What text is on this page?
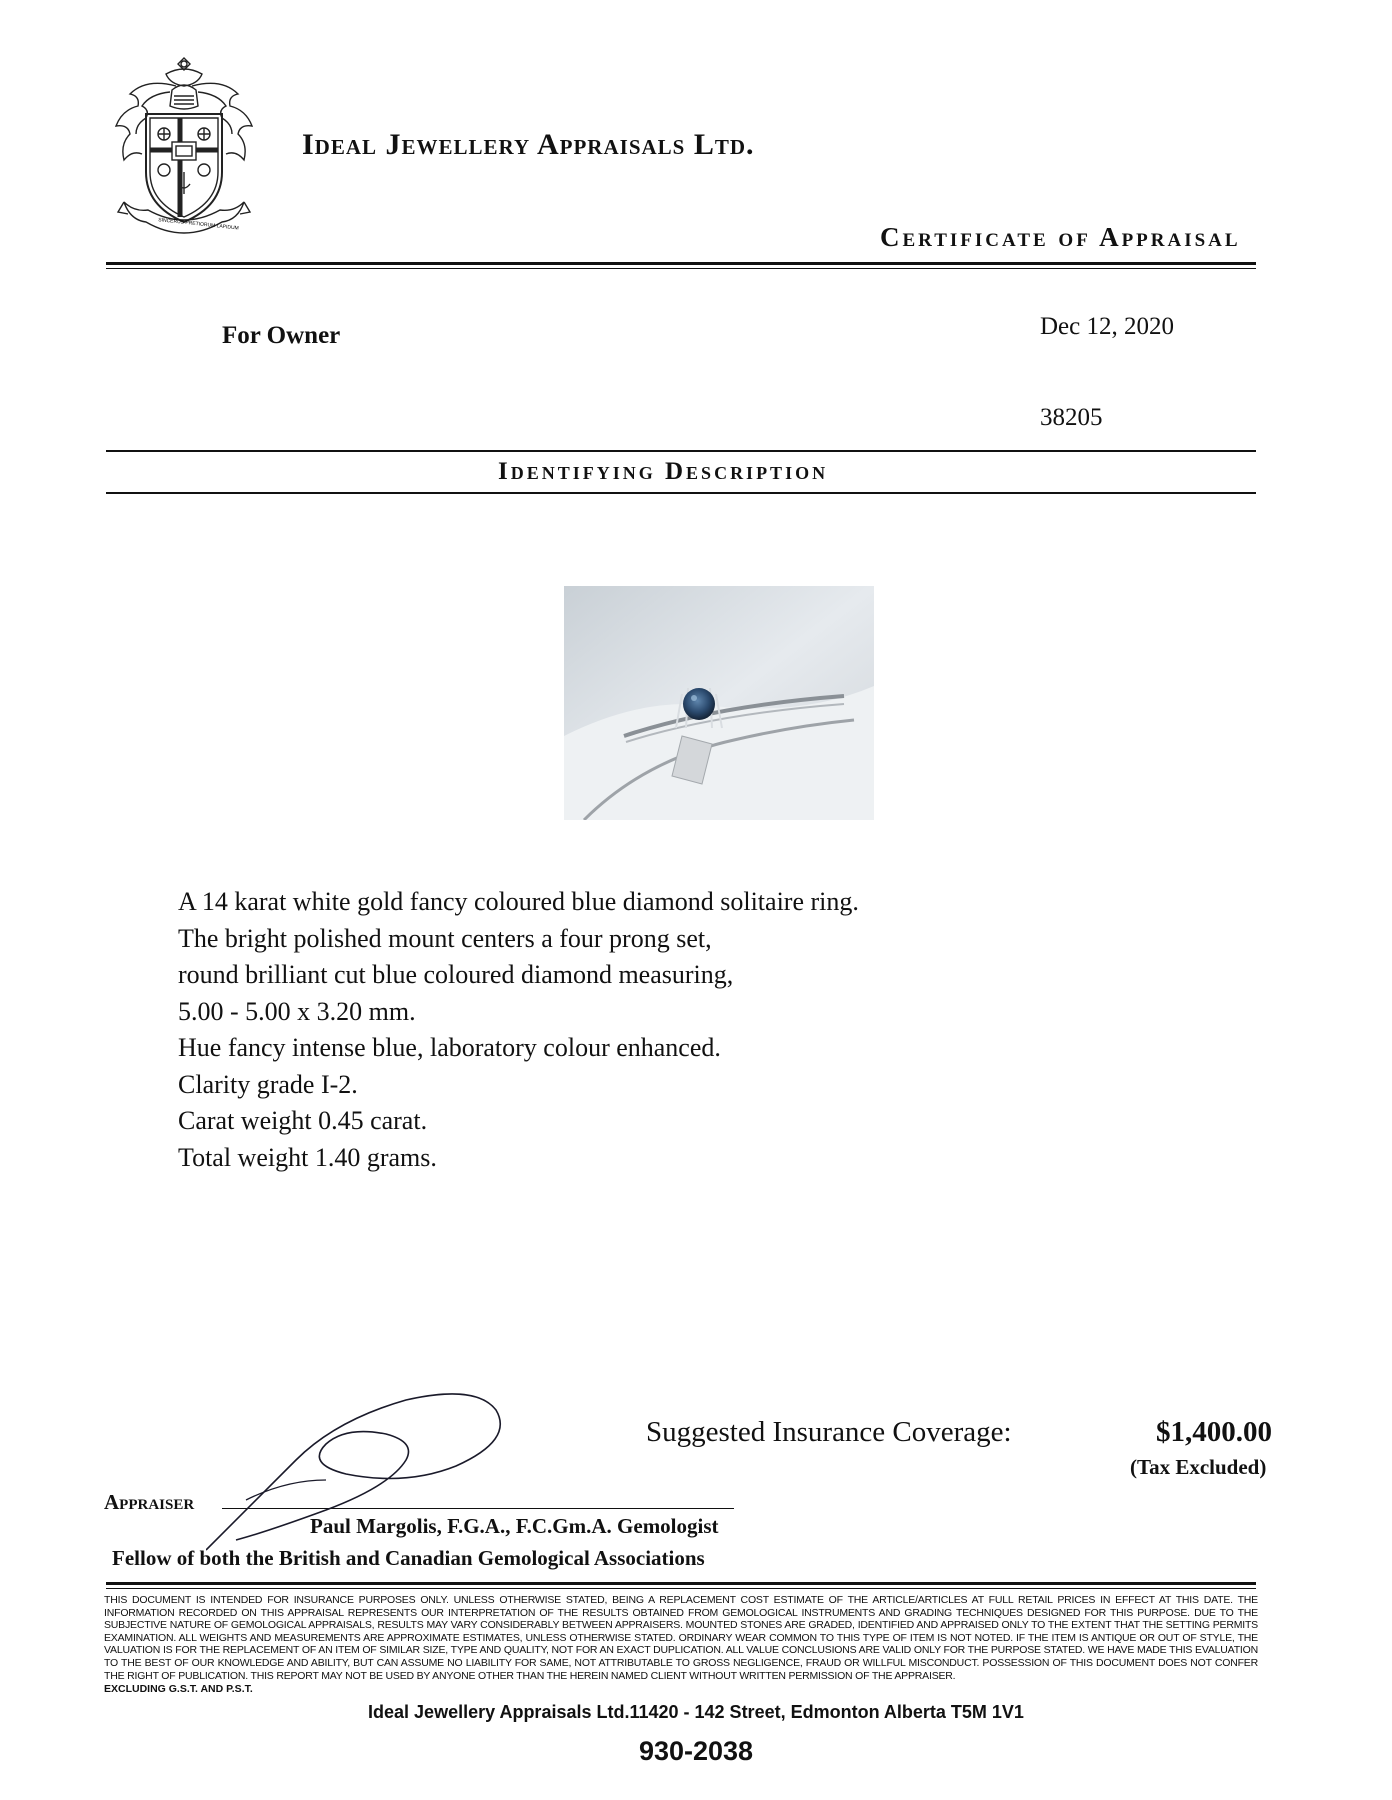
SINCERUS PRETIORUM LAPIDUM
Ideal Jewellery Appraisals Ltd.
Certificate of Appraisal
For Owner	Dec 12, 2020
38205
Identifying Description
A 14 karat white gold fancy coloured blue diamond solitaire ring.
The bright polished mount centers a four prong set,
round brilliant cut blue coloured diamond measuring,
5.00 - 5.00 x 3.20 mm.
Hue fancy intense blue, laboratory colour enhanced.
Clarity grade I-2.
Carat weight 0.45 carat.
Total weight 1.40 grams.
Suggested Insurance Coverage:	$1,400.00
(Tax Excluded)
Appraiser
Paul Margolis, F.G.A., F.C.Gm.A. Gemologist
Fellow of both the British and Canadian Gemological Associations
THIS DOCUMENT IS INTENDED FOR INSURANCE PURPOSES ONLY. UNLESS OTHERWISE STATED, BEING A REPLACEMENT COST ESTIMATE OF THE ARTICLE/ARTICLES AT FULL RETAIL PRICES IN EFFECT AT THIS DATE. THE INFORMATION RECORDED ON THIS APPRAISAL REPRESENTS OUR INTERPRETATION OF THE RESULTS OBTAINED FROM GEMOLOGICAL INSTRUMENTS AND GRADING TECHNIQUES DESIGNED FOR THIS PURPOSE. DUE TO THE SUBJECTIVE NATURE OF GEMOLOGICAL APPRAISALS, RESULTS MAY VARY CONSIDERABLY BETWEEN APPRAISERS. MOUNTED STONES ARE GRADED, IDENTIFIED AND APPRAISED ONLY TO THE EXTENT THAT THE SETTING PERMITS EXAMINATION. ALL WEIGHTS AND MEASUREMENTS ARE APPROXIMATE ESTIMATES, UNLESS OTHERWISE STATED. ORDINARY WEAR COMMON TO THIS TYPE OF ITEM IS NOT NOTED. IF THE ITEM IS ANTIQUE OR OUT OF STYLE, THE VALUATION IS FOR THE REPLACEMENT OF AN ITEM OF SIMILAR SIZE, TYPE AND QUALITY, NOT FOR AN EXACT DUPLICATION. ALL VALUE CONCLUSIONS ARE VALID ONLY FOR THE PURPOSE STATED. WE HAVE MADE THIS EVALUATION TO THE BEST OF OUR KNOWLEDGE AND ABILITY, BUT CAN ASSUME NO LIABILITY FOR SAME, NOT ATTRIBUTABLE TO GROSS NEGLIGENCE, FRAUD OR WILLFUL MISCONDUCT. POSSESSION OF THIS DOCUMENT DOES NOT CONFER THE RIGHT OF PUBLICATION. THIS REPORT MAY NOT BE USED BY ANYONE OTHER THAN THE HEREIN NAMED CLIENT WITHOUT WRITTEN PERMISSION OF THE APPRAISER.
EXCLUDING G.S.T. AND P.S.T.
Ideal Jewellery Appraisals Ltd.11420 - 142 Street, Edmonton Alberta T5M 1V1
930-2038
